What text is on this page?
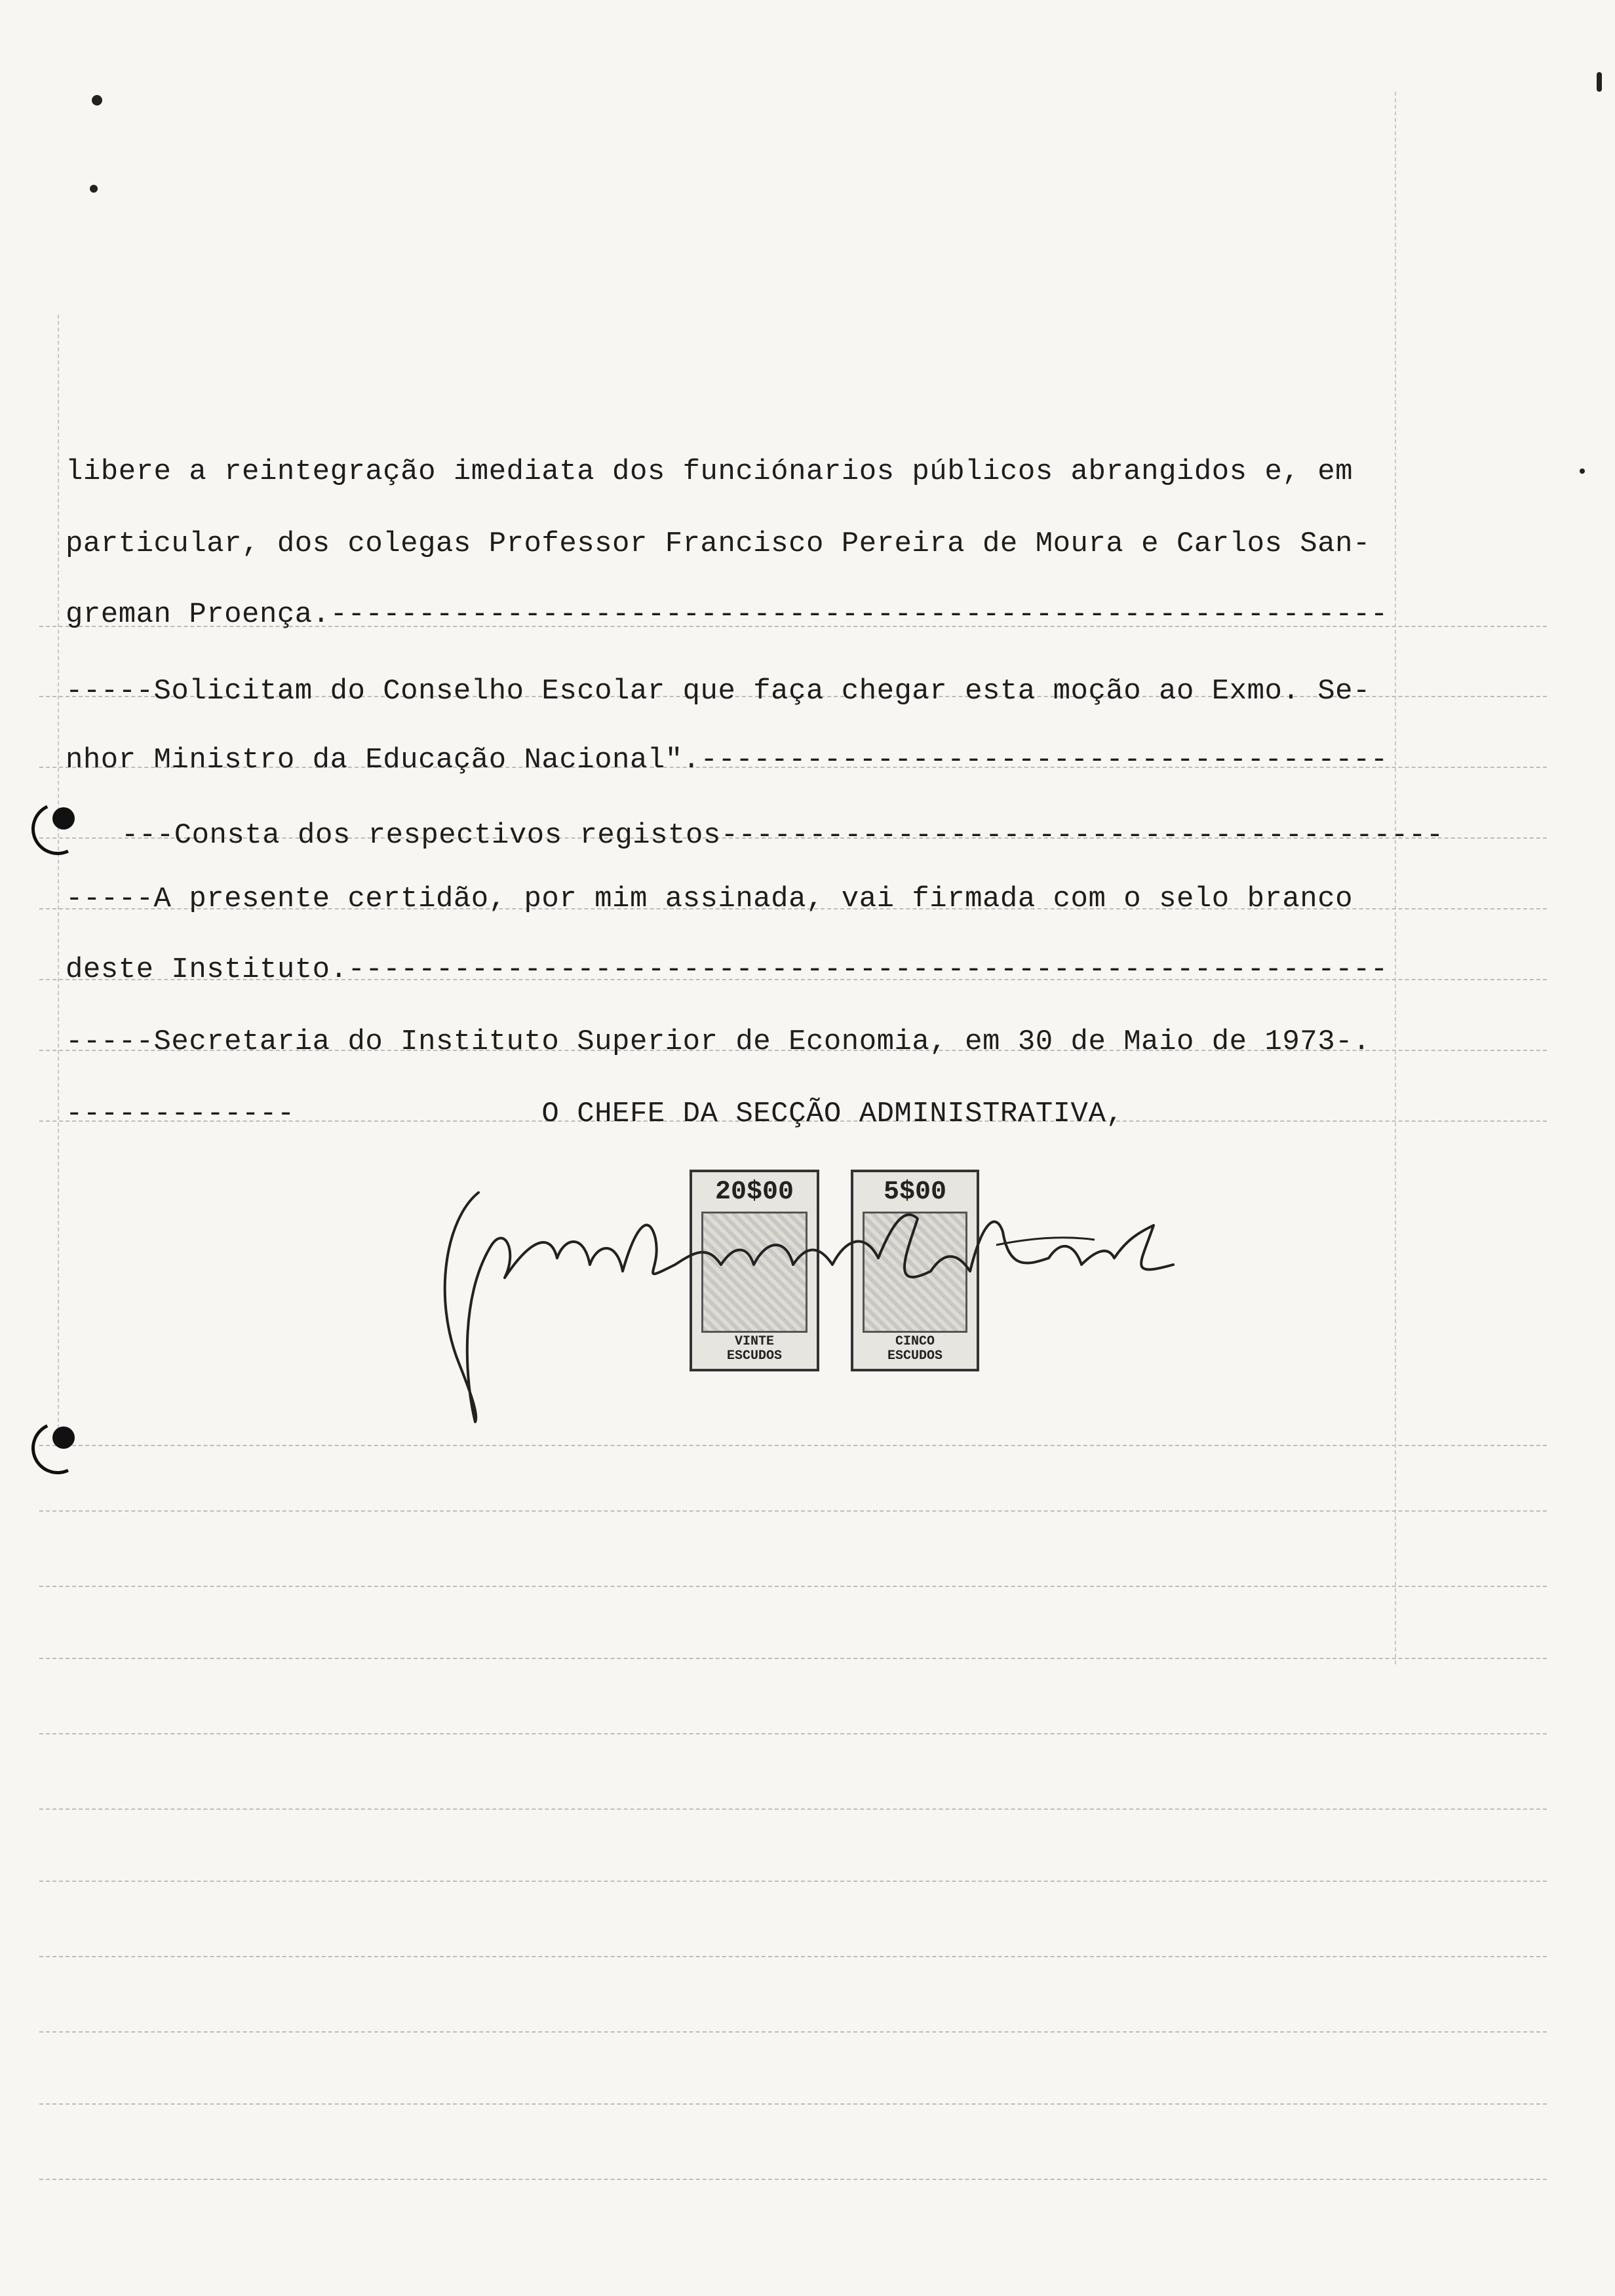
libere a reintegração imediata dos funciónarios públicos abrangidos e, em
particular, dos colegas Professor Francisco Pereira de Moura e Carlos San-
greman Proença.------------------------------------------------------------
-----Solicitam do Conselho Escolar que faça chegar esta moção ao Exmo. Se-
nhor Ministro da Educação Nacional".---------------------------------------
---Consta dos respectivos registos-----------------------------------------
-----A presente certidão, por mim assinada, vai firmada com o selo branco
deste Instituto.-----------------------------------------------------------
-----Secretaria do Instituto Superior de Economia, em 30 de Maio de 1973-.
-------------              O CHEFE DA SECÇÃO ADMINISTRATIVA,
20$00
VINTE
ESCUDOS
5$00
CINCO
ESCUDOS
